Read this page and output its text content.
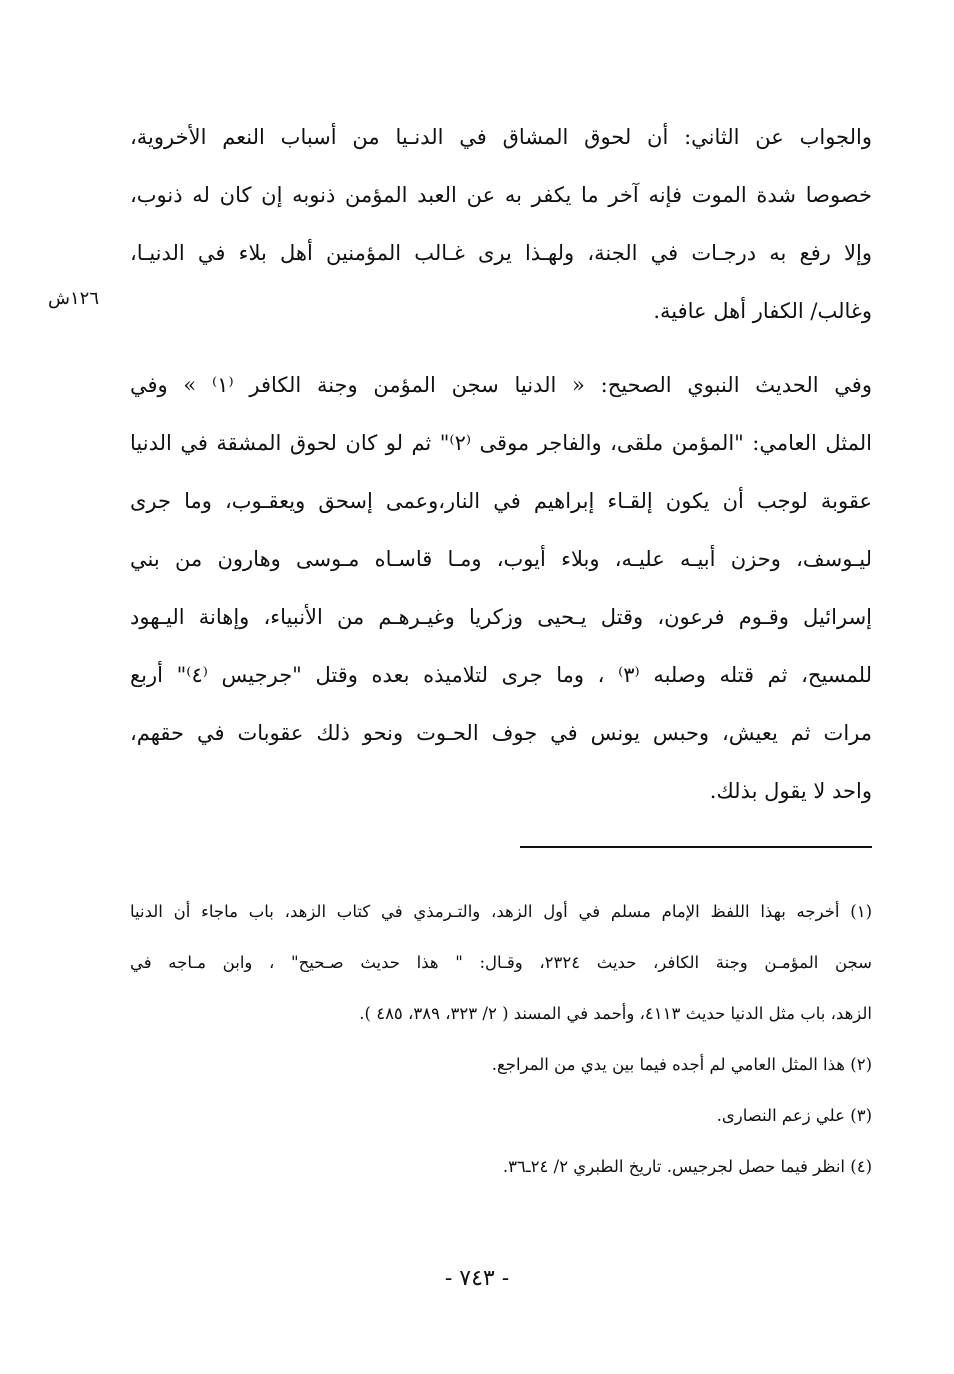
١٢٦ش
والجواب عن الثاني: أن لحوق المشاق في الدنـيا من أسباب النعم الأخروية،
خصوصا شدة الموت فإنه آخر ما يكفر به عن العبد المؤمن ذنوبه إن كان له ذنوب،
وإلا رفع به درجـات في الجنة، ولهـذا يرى غـالب المؤمنين أهل بلاء في الدنيـا،
وغالب/ الكفار أهل عافية.
وفي الحديث النبوي الصحيح: « الدنيا سجن المؤمن وجنة الكافر ⁽١⁾ » وفي
المثل العامي: "المؤمن ملقى، والفاجر موقى ⁽٢⁾" ثم لو كان لحوق المشقة في الدنيا
عقوبة لوجب أن يكون إلقـاء إبراهيم في النار،وعمى إسحق ويعقـوب، وما جرى
ليـوسف، وحزن أبيـه عليـه، وبلاء أيوب، ومـا قاسـاه مـوسى وهارون من بني
إسرائيل وقـوم فرعون، وقتل يـحيى وزكريا وغيـرهـم من الأنبياء، وإهانة اليـهود
للمسيح، ثم قتله وصلبه ⁽٣⁾ ، وما جرى لتلاميذه بعده وقتل "جرجيس ⁽٤⁾" أربع
مرات ثم يعيش، وحبس يونس في جوف الحـوت ونحو ذلك عقوبات في حقهم،
واحد لا يقول بذلك.
(١) أخرجه بهذا اللفظ الإمام مسلم في أول الزهد، والتـرمذي في كتاب الزهد، باب ماجاء أن الدنيا
سجن المؤمـن وجنة الكافر، حديث ٢٣٢٤، وقـال: " هذا حديث صـحيح" ، وابن مـاجه في
الزهد، باب مثل الدنيا حديث ٤١١٣، وأحمد في المسند ( ٢/ ٣٢٣، ٣٨٩، ٤٨٥ ).
(٢) هذا المثل العامي لم أجده فيما بين يدي من المراجع.
(٣) علي زعم النصارى.
(٤) انظر فيما حصل لجرجيس. تاريخ الطبري ٢/ ٢٤ـ٣٦.
- ٧٤٣ -
